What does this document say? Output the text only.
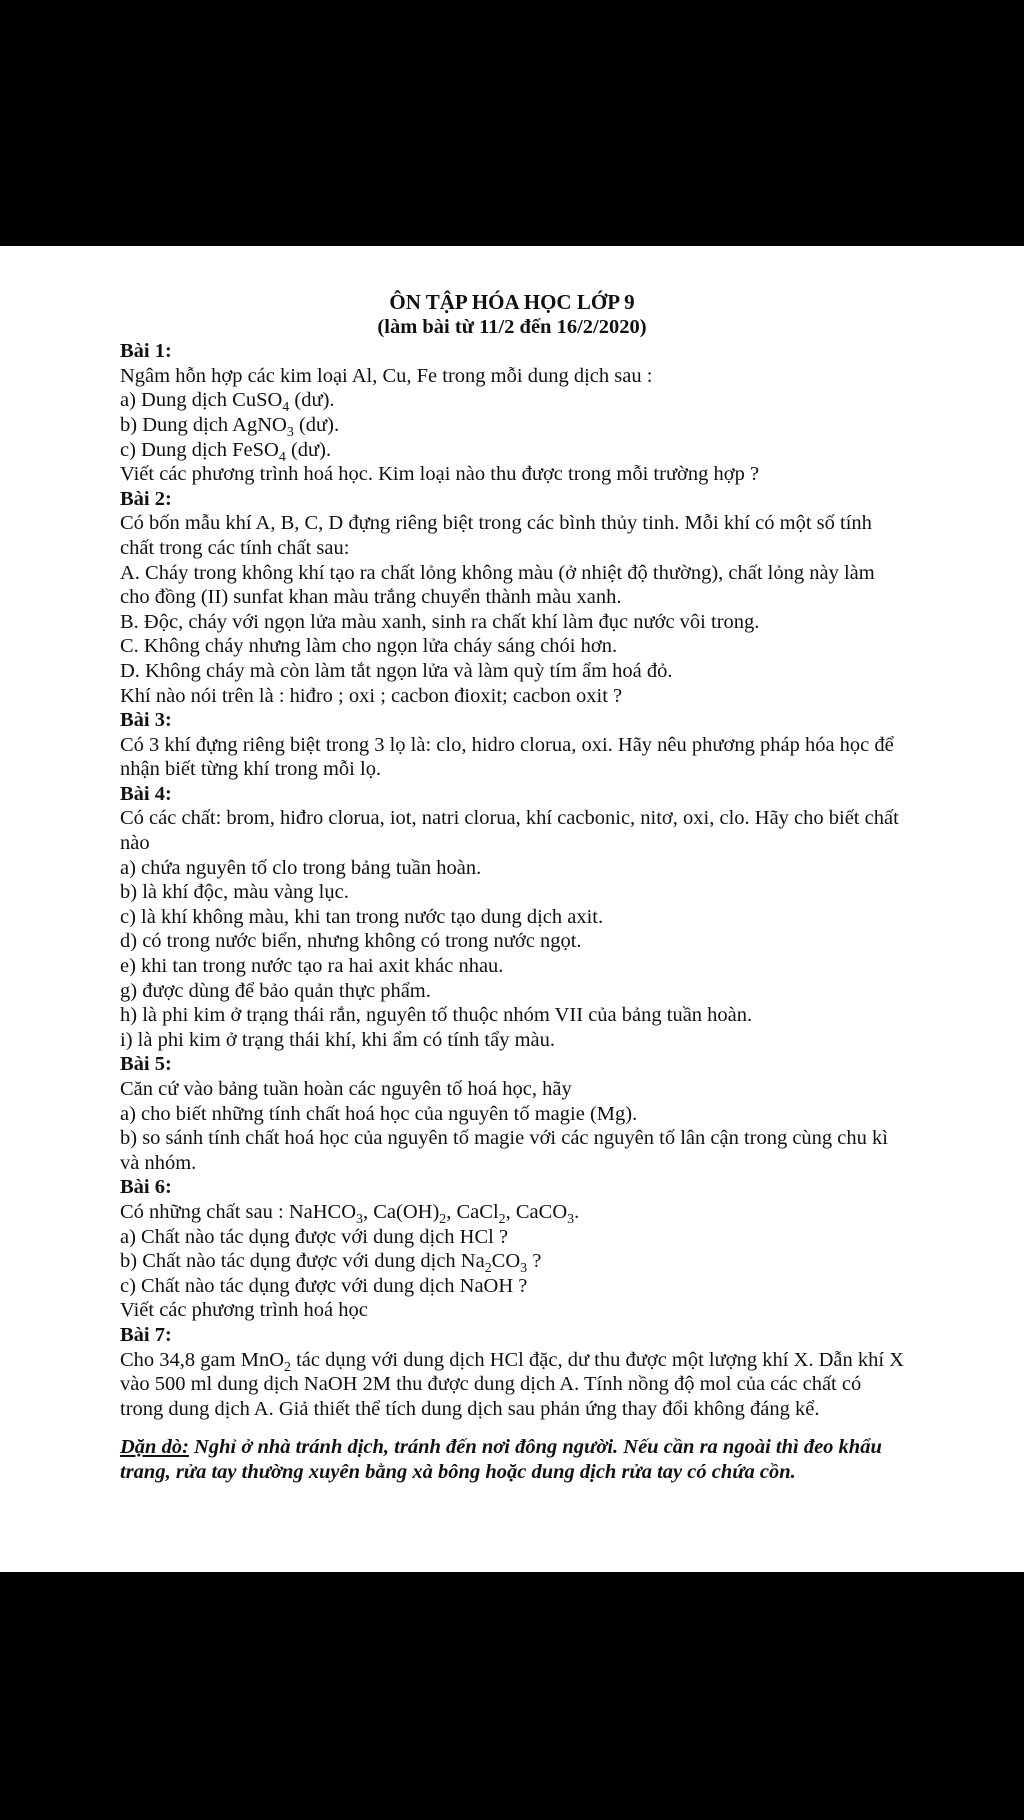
ÔN TẬP HÓA HỌC LỚP 9

(làm bài từ 11/2 đến 16/2/2020)

Bài 1:

Ngâm hỗn hợp các kim loại Al, Cu, Fe trong mỗi dung dịch sau :

a) Dung dịch CuSO$_4$ (dư).

b) Dung dịch AgNO$_3$ (dư).

c) Dung dịch FeSO$_4$ (dư).

Viết các phương trình hoá học. Kim loại nào thu được trong mỗi trường hợp ?

Bài 2:

Có bốn mẫu khí A, B, C, D đựng riêng biệt trong các bình thủy tinh. Mỗi khí có một số tính chất trong các tính chất sau:

A. Cháy trong không khí tạo ra chất lỏng không màu (ở nhiệt độ thường), chất lỏng này làm cho đồng (II) sunfat khan màu trắng chuyển thành màu xanh.

B. Độc, cháy với ngọn lửa màu xanh, sinh ra chất khí làm đục nước vôi trong.

C. Không cháy nhưng làm cho ngọn lửa cháy sáng chói hơn.

D. Không cháy mà còn làm tắt ngọn lửa và làm quỳ tím ẩm hoá đỏ.

Khí nào nói trên là : hiđro ; oxi ; cacbon đioxit; cacbon oxit ?

Bài 3:

Có 3 khí đựng riêng biệt trong 3 lọ là: clo, hidro clorua, oxi. Hãy nêu phương pháp hóa học để nhận biết từng khí trong mỗi lọ.

Bài 4:

Có các chất: brom, hiđro clorua, iot, natri clorua, khí cacbonic, nitơ, oxi, clo. Hãy cho biết chất nào

a) chứa nguyên tố clo trong bảng tuần hoàn.

b) là khí độc, màu vàng lục.

c) là khí không màu, khi tan trong nước tạo dung dịch axit.

d) có trong nước biển, nhưng không có trong nước ngọt.

e) khi tan trong nước tạo ra hai axit khác nhau.

g) được dùng để bảo quản thực phẩm.

h) là phi kim ở trạng thái rắn, nguyên tố thuộc nhóm VII của bảng tuần hoàn.

i) là phi kim ở trạng thái khí, khi ẩm có tính tẩy màu.

Bài 5:

Căn cứ vào bảng tuần hoàn các nguyên tố hoá học, hãy

a) cho biết những tính chất hoá học của nguyên tố magie (Mg).

b) so sánh tính chất hoá học của nguyên tố magie với các nguyên tố lân cận trong cùng chu kì và nhóm.

Bài 6:

Có những chất sau : NaHCO$_3$, $Ca(OH)_2$, CaCl$_2$, CaCO$_3$.

a) Chất nào tác dụng được với dung dịch HCl ?

b) Chất nào tác dụng được với dung dịch $Na_2CO_3$ ?

c) Chất nào tác dụng được với dung dịch NaOH ?

Viết các phương trình hoá học

Bài 7:

Cho 34,8 gam MnO$_2$ tác dụng với dung dịch HCl đặc, dư thu được một lượng khí X. Dẫn khí X vào 500 ml dung dịch NaOH 2M thu được dung dịch A. Tính nồng độ mol của các chất có trong dung dịch A. Giả thiết thể tích dung dịch sau phản ứng thay đổi không đáng kể.

Dặn dò: Nghỉ ở nhà tránh dịch, tránh đến nơi đông người. Nếu cần ra ngoài thì đeo khẩu trang, rửa tay thường xuyên bằng xà bông hoặc dung dịch rửa tay có chứa cồn.
